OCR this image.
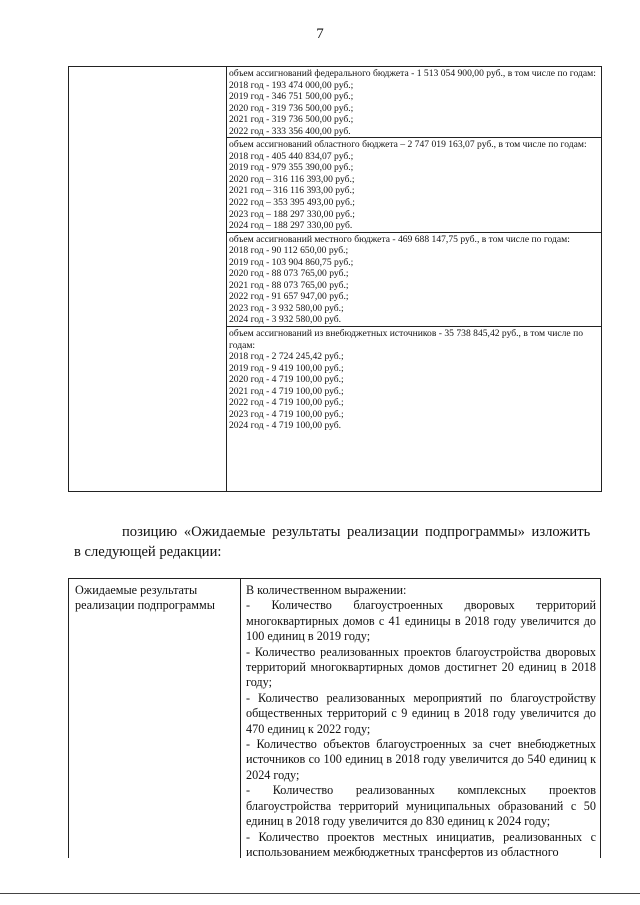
7
объем ассигнований федерального бюджета - 1 513 054 900,00 руб., в том числе по годам:
2018 год - 193 474 000,00 руб.;
2019 год - 346 751 500,00 руб.;
2020 год - 319 736 500,00 руб.;
2021 год - 319 736 500,00 руб.;
2022 год - 333 356 400,00 руб.
объем ассигнований областного бюджета – 2 747 019 163,07 руб., в том числе по годам:
2018 год - 405 440 834,07 руб.;
2019 год - 979 355 390,00 руб.;
2020 год – 316 116 393,00 руб.;
2021 год – 316 116 393,00 руб.;
2022 год – 353 395 493,00 руб.;
2023 год – 188 297 330,00 руб.;
2024 год – 188 297 330,00 руб.
объем ассигнований местного бюджета - 469 688 147,75 руб., в том числе по годам:
2018 год - 90 112 650,00 руб.;
2019 год - 103 904 860,75 руб.;
2020 год - 88 073 765,00 руб.;
2021 год - 88 073 765,00 руб.;
2022 год - 91 657 947,00 руб.;
2023 год - 3 932 580,00 руб.;
2024 год - 3 932 580,00 руб.
объем ассигнований из внебюджетных источников - 35 738 845,42 руб., в том числе по годам:
2018 год - 2 724 245,42 руб.;
2019 год - 9 419 100,00 руб.;
2020 год - 4 719 100,00 руб.;
2021 год - 4 719 100,00 руб.;
2022 год - 4 719 100,00 руб.;
2023 год - 4 719 100,00 руб.;
2024 год - 4 719 100,00 руб.
позицию «Ожидаемые результаты реализации подпрограммы» изложить
в следующей редакции:
Ожидаемые результаты реализации подпрограммы
В количественном выражении:
- Количество благоустроенных дворовых территорий многоквартирных домов с 41 единицы в 2018 году увеличится до 100 единиц в 2019 году;
- Количество реализованных проектов благоустройства дворовых территорий многоквартирных домов достигнет 20 единиц в 2018 году;
- Количество реализованных мероприятий по благоустройству общественных территорий с 9 единиц в 2018 году увеличится до 470 единиц к 2022 году;
- Количество объектов благоустроенных за счет внебюджетных источников со 100 единиц в 2018 году увеличится до 540 единиц к 2024 году;
- Количество реализованных комплексных проектов благоустройства территорий муниципальных образований с 50 единиц в 2018 году увеличится до 830 единиц к 2024 году;
- Количество проектов местных инициатив, реализованных с использованием межбюджетных трансфертов из областного
